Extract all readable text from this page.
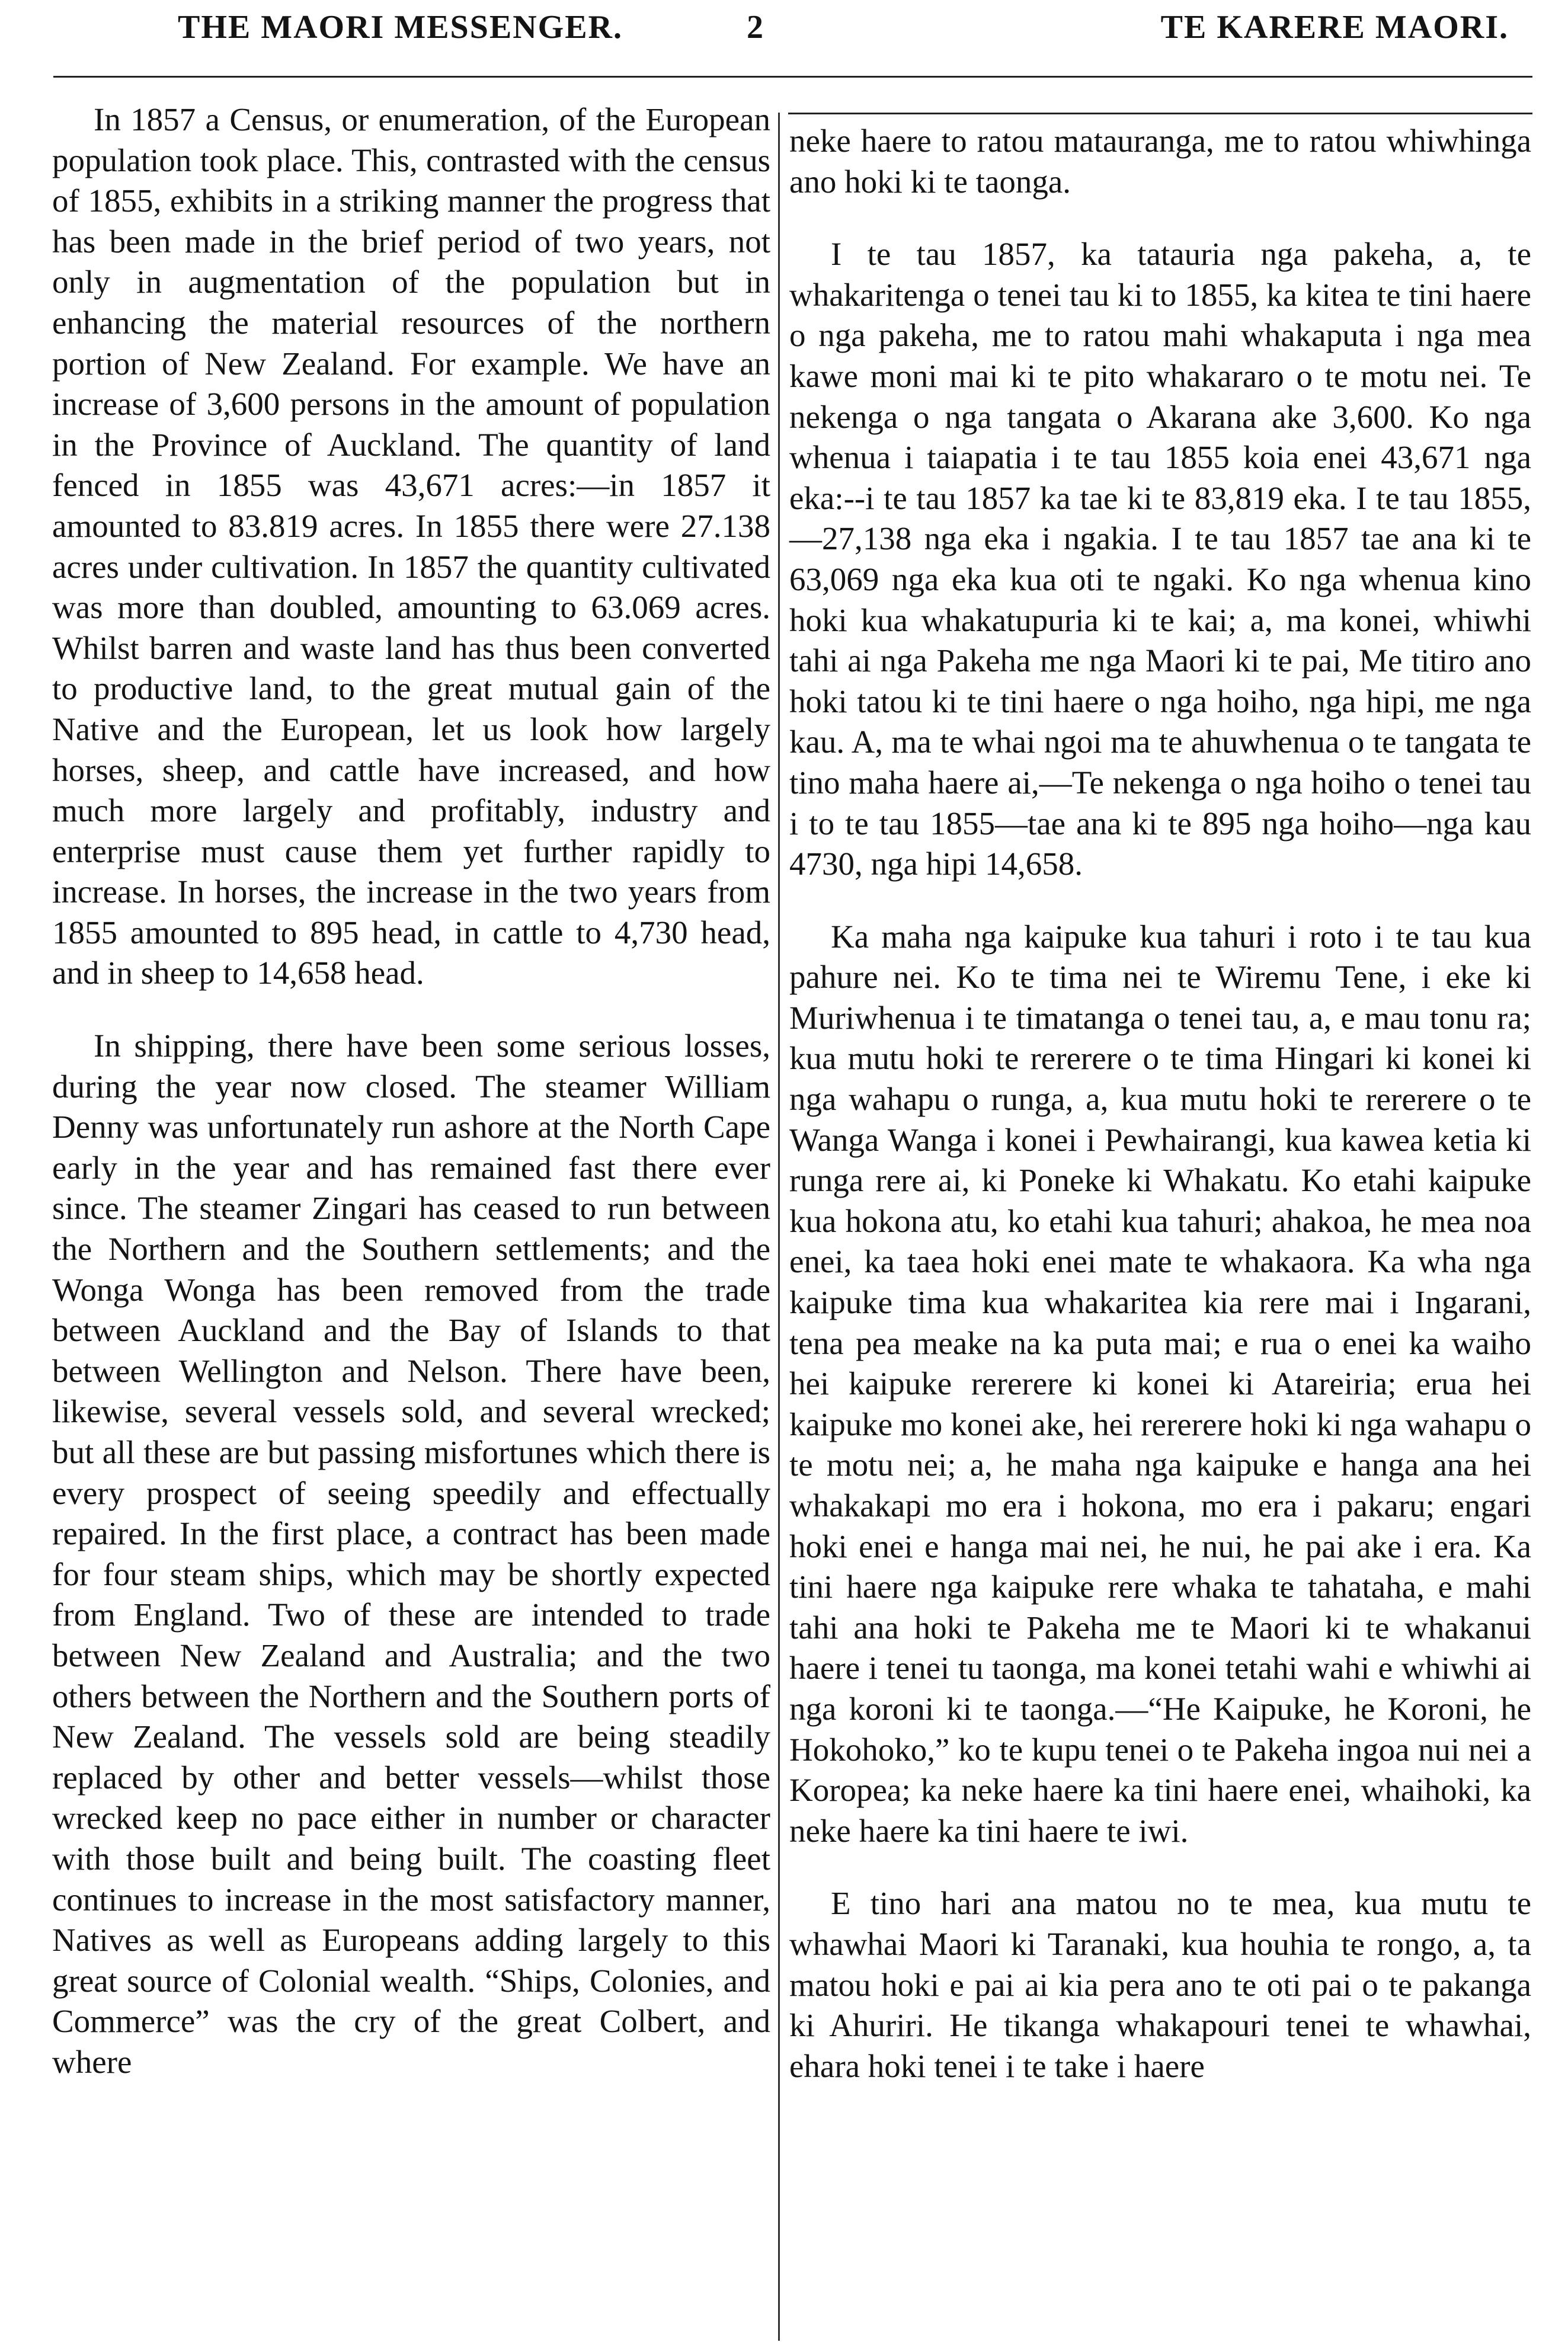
THE MAORI MESSENGER.	2	TE KARERE MAORI.

In 1857 a Census, or enumeration, of the European population took place. This, contrasted with the census of 1855, exhibits in a striking manner the progress that has been made in the brief period of two years, not only in augmentation of the population but in enhancing the material resources of the northern portion of New Zealand. For example. We have an increase of 3,600 persons in the amount of population in the Province of Auckland. The quantity of land fenced in 1855 was 43,671 acres:—in 1857 it amounted to 83.819 acres. In 1855 there were 27.138 acres under cultivation. In 1857 the quantity cultivated was more than doubled, amounting to 63.069 acres. Whilst barren and waste land has thus been converted to productive land, to the great mutual gain of the Native and the European, let us look how largely horses, sheep, and cattle have increased, and how much more largely and profitably, industry and enterprise must cause them yet further rapidly to increase. In horses, the increase in the two years from 1855 amounted to 895 head, in cattle to 4,730 head, and in sheep to 14,658 head.

In shipping, there have been some serious losses, during the year now closed. The steamer William Denny was unfortunately run ashore at the North Cape early in the year and has remained fast there ever since. The steamer Zingari has ceased to run between the Northern and the Southern settlements; and the Wonga Wonga has been removed from the trade between Auckland and the Bay of Islands to that between Wellington and Nelson. There have been, likewise, several vessels sold, and several wrecked; but all these are but passing misfortunes which there is every prospect of seeing speedily and effectually repaired. In the first place, a contract has been made for four steam ships, which may be shortly expected from England. Two of these are intended to trade between New Zealand and Australia; and the two others between the Northern and the Southern ports of New Zealand. The vessels sold are being steadily replaced by other and better vessels—whilst those wrecked keep no pace either in number or character with those built and being built. The coasting fleet continues to increase in the most satisfactory manner, Natives as well as Europeans adding largely to this great source of Colonial wealth. “Ships, Colonies, and Commerce” was the cry of the great Colbert, and where

neke haere to ratou matauranga, me to ratou whiwhinga ano hoki ki te taonga.

I te tau 1857, ka tatauria nga pakeha, a, te whakaritenga o tenei tau ki to 1855, ka kitea te tini haere o nga pakeha, me to ratou mahi whakaputa i nga mea kawe moni mai ki te pito whakararo o te motu nei. Te nekenga o nga tangata o Akarana ake 3,600. Ko nga whenua i taiapatia i te tau 1855 koia enei 43,671 nga eka:--i te tau 1857 ka tae ki te 83,819 eka. I te tau 1855,—27,138 nga eka i ngakia. I te tau 1857 tae ana ki te 63,069 nga eka kua oti te ngaki. Ko nga whenua kino hoki kua whakatupuria ki te kai; a, ma konei, whiwhi tahi ai nga Pakeha me nga Maori ki te pai, Me titiro ano hoki tatou ki te tini haere o nga hoiho, nga hipi, me nga kau. A, ma te whai ngoi ma te ahuwhenua o te tangata te tino maha haere ai,—Te nekenga o nga hoiho o tenei tau i to te tau 1855—tae ana ki te 895 nga hoiho—nga kau 4730, nga hipi 14,658.

Ka maha nga kaipuke kua tahuri i roto i te tau kua pahure nei. Ko te tima nei te Wiremu Tene, i eke ki Muriwhenua i te timatanga o tenei tau, a, e mau tonu ra; kua mutu hoki te rererere o te tima Hingari ki konei ki nga wahapu o runga, a, kua mutu hoki te rererere o te Wanga Wanga i konei i Pewhairangi, kua kawea ketia ki runga rere ai, ki Poneke ki Whakatu. Ko etahi kaipuke kua hokona atu, ko etahi kua tahuri; ahakoa, he mea noa enei, ka taea hoki enei mate te whakaora. Ka wha nga kaipuke tima kua whakaritea kia rere mai i Ingarani, tena pea meake na ka puta mai; e rua o enei ka waiho hei kaipuke rererere ki konei ki Atareiria; erua hei kaipuke mo konei ake, hei rererere hoki ki nga wahapu o te motu nei; a, he maha nga kaipuke e hanga ana hei whakakapi mo era i hokona, mo era i pakaru; engari hoki enei e hanga mai nei, he nui, he pai ake i era. Ka tini haere nga kaipuke rere whaka te tahataha, e mahi tahi ana hoki te Pakeha me te Maori ki te whakanui haere i tenei tu taonga, ma konei tetahi wahi e whiwhi ai nga koroni ki te taonga.—“He Kaipuke, he Koroni, he Hokohoko,” ko te kupu tenei o te Pakeha ingoa nui nei a Koropea; ka neke haere ka tini haere enei, whaihoki, ka neke haere ka tini haere te iwi.

E tino hari ana matou no te mea, kua mutu te whawhai Maori ki Taranaki, kua houhia te rongo, a, ta matou hoki e pai ai kia pera ano te oti pai o te pakanga ki Ahuriri. He tikanga whakapouri tenei te whawhai, ehara hoki tenei i te take i haere
